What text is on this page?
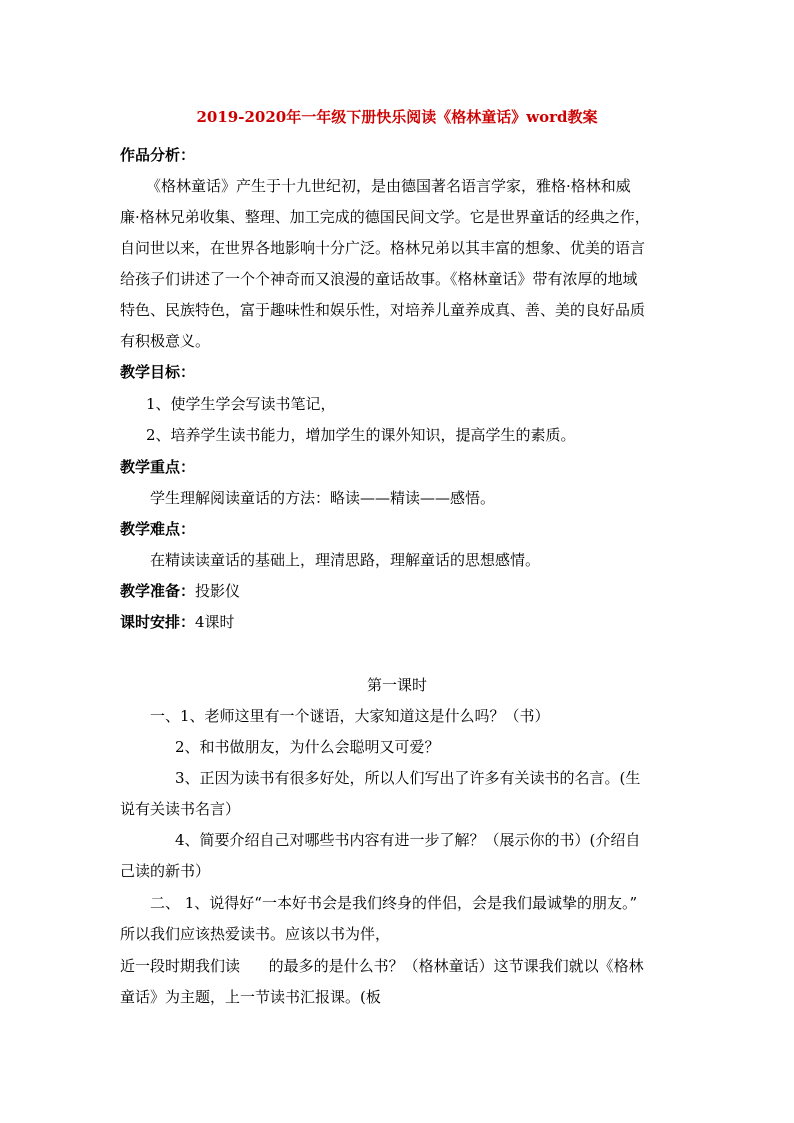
2019-2020年一年级下册快乐阅读《格林童话》word教案
作品分析：
《格林童话》产生于十九世纪初，是由德国著名语言学家，雅格·格林和威
廉·格林兄弟收集、整理、加工完成的德国民间文学。它是世界童话的经典之作，
自问世以来，在世界各地影响十分广泛。格林兄弟以其丰富的想象、优美的语言
给孩子们讲述了一个个神奇而又浪漫的童话故事。《格林童话》带有浓厚的地域
特色、民族特色，富于趣味性和娱乐性，对培养儿童养成真、善、美的良好品质
有积极意义。
教学目标：
1、使学生学会写读书笔记，
2、培养学生读书能力，增加学生的课外知识，提高学生的素质。
教学重点：
学生理解阅读童话的方法：略读——精读——感悟。
教学难点：
在精读读童话的基础上，理清思路，理解童话的思想感情。
教学准备：投影仪
课时安排：4课时
第一课时
一、1、老师这里有一个谜语，大家知道这是什么吗？（书）
2、和书做朋友，为什么会聪明又可爱？
3、正因为读书有很多好处，所以人们写出了许多有关读书的名言。(生
说有关读书名言）
4、简要介绍自己对哪些书内容有进一步了解？（展示你的书）(介绍自
己读的新书）
二、 1、说得好“一本好书会是我们终身的伴侣，会是我们最诚挚的朋友。”
所以我们应该热爱读书。应该以书为伴，
近一段时期我们读      的最多的是什么书？（格林童话）这节课我们就以《格林
童话》为主题，上一节读书汇报课。(板
